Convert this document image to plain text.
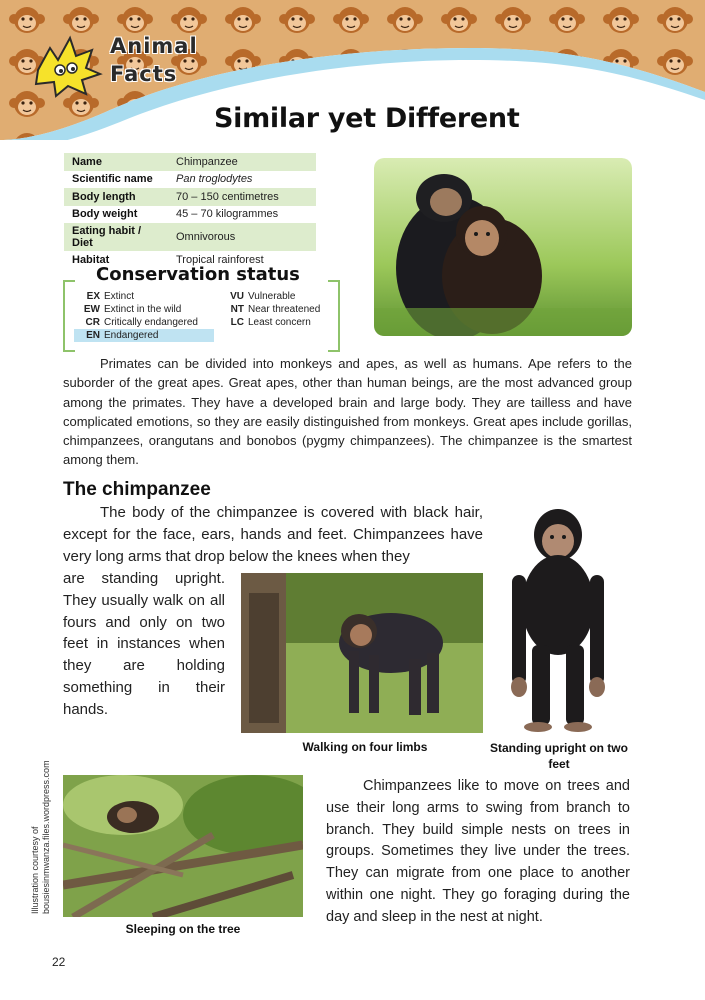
Animal
Facts
Similar yet Different
Name	Chimpanzee
Scientific name	Pan troglodytes
Body length	70 – 150 centimetres
Body weight	45 – 70 kilogrammes
Eating habit / Diet	Omnivorous
Habitat	Tropical rainforest
Conservation status
EX Extinct
EW Extinct in the wild
CR Critically endangered
EN Endangered
VU Vulnerable
NT Near threatened
LC Least concern
Primates can be divided into monkeys and apes, as well as humans. Ape refers to the suborder of the great apes. Great apes, other than human beings, are the most advanced group among the primates. They have a developed brain and large body. They are tailless and have complicated emotions, so they are easily distinguished from monkeys. Great apes include gorillas, chimpanzees, orangutans and bonobos (pygmy chimpanzees). The chimpanzee is the smartest among them.
The chimpanzee
The body of the chimpanzee is covered with black hair, except for the face, ears, hands and feet. Chimpanzees have very long arms that drop below the knees when they
are standing upright. They usually walk on all fours and only on two feet in instances when they are holding something in their hands.
Walking on four limbs	Standing upright on two feet
Sleeping on the tree
Chimpanzees like to move on trees and use their long arms to swing from branch to branch. They build simple nests on trees in groups. Sometimes they live under the trees. They can migrate from one place to another within one night. They go foraging during the day and sleep in the nest at night.
Illustration courtesy of bousiesinmwanza.files.wordpress.com
22
